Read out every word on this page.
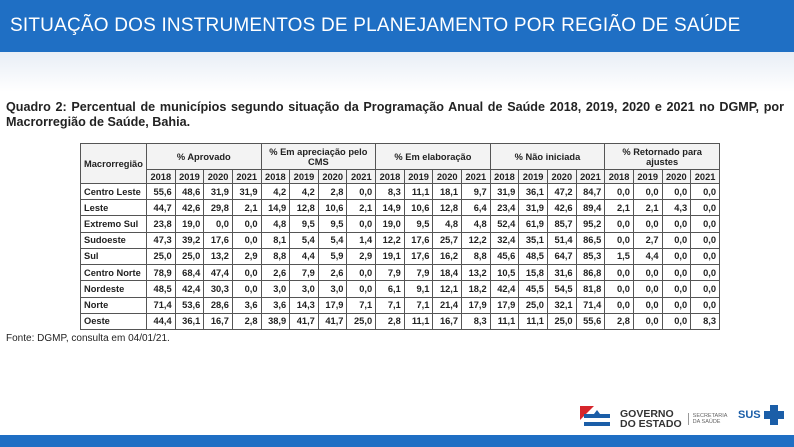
SITUAÇÃO DOS INSTRUMENTOS DE PLANEJAMENTO POR REGIÃO DE SAÚDE
Quadro 2: Percentual de municípios segundo situação da Programação Anual de Saúde 2018, 2019, 2020 e 2021 no DGMP, por Macrorregião de Saúde, Bahia.
Macrorregião	% Aprovado				% Em apreciação pelo CMS				% Em elaboração				% Não iniciada				% Retornado para ajustes			
	2018	2019	2020	2021	2018	2019	2020	2021	2018	2019	2020	2021	2018	2019	2020	2021	2018	2019	2020	2021
Centro Leste	55,6	48,6	31,9	31,9	4,2	4,2	2,8	0,0	8,3	11,1	18,1	9,7	31,9	36,1	47,2	84,7	0,0	0,0	0,0	0,0
Leste	44,7	42,6	29,8	2,1	14,9	12,8	10,6	2,1	14,9	10,6	12,8	6,4	23,4	31,9	42,6	89,4	2,1	2,1	4,3	0,0
Extremo Sul	23,8	19,0	0,0	0,0	4,8	9,5	9,5	0,0	19,0	9,5	4,8	4,8	52,4	61,9	85,7	95,2	0,0	0,0	0,0	0,0
Sudoeste	47,3	39,2	17,6	0,0	8,1	5,4	5,4	1,4	12,2	17,6	25,7	12,2	32,4	35,1	51,4	86,5	0,0	2,7	0,0	0,0
Sul	25,0	25,0	13,2	2,9	8,8	4,4	5,9	2,9	19,1	17,6	16,2	8,8	45,6	48,5	64,7	85,3	1,5	4,4	0,0	0,0
Centro Norte	78,9	68,4	47,4	0,0	2,6	7,9	2,6	0,0	7,9	7,9	18,4	13,2	10,5	15,8	31,6	86,8	0,0	0,0	0,0	0,0
Nordeste	48,5	42,4	30,3	0,0	3,0	3,0	3,0	0,0	6,1	9,1	12,1	18,2	42,4	45,5	54,5	81,8	0,0	0,0	0,0	0,0
Norte	71,4	53,6	28,6	3,6	3,6	14,3	17,9	7,1	7,1	7,1	21,4	17,9	17,9	25,0	32,1	71,4	0,0	0,0	0,0	0,0
Oeste	44,4	36,1	16,7	2,8	38,9	41,7	41,7	25,0	2,8	11,1	16,7	8,3	11,1	11,1	25,0	55,6	2,8	0,0	0,0	8,3
Fonte: DGMP, consulta em 04/01/21.
GOVERNO
DO ESTADO
SECRETARIA DA SAÚDE
SUS
